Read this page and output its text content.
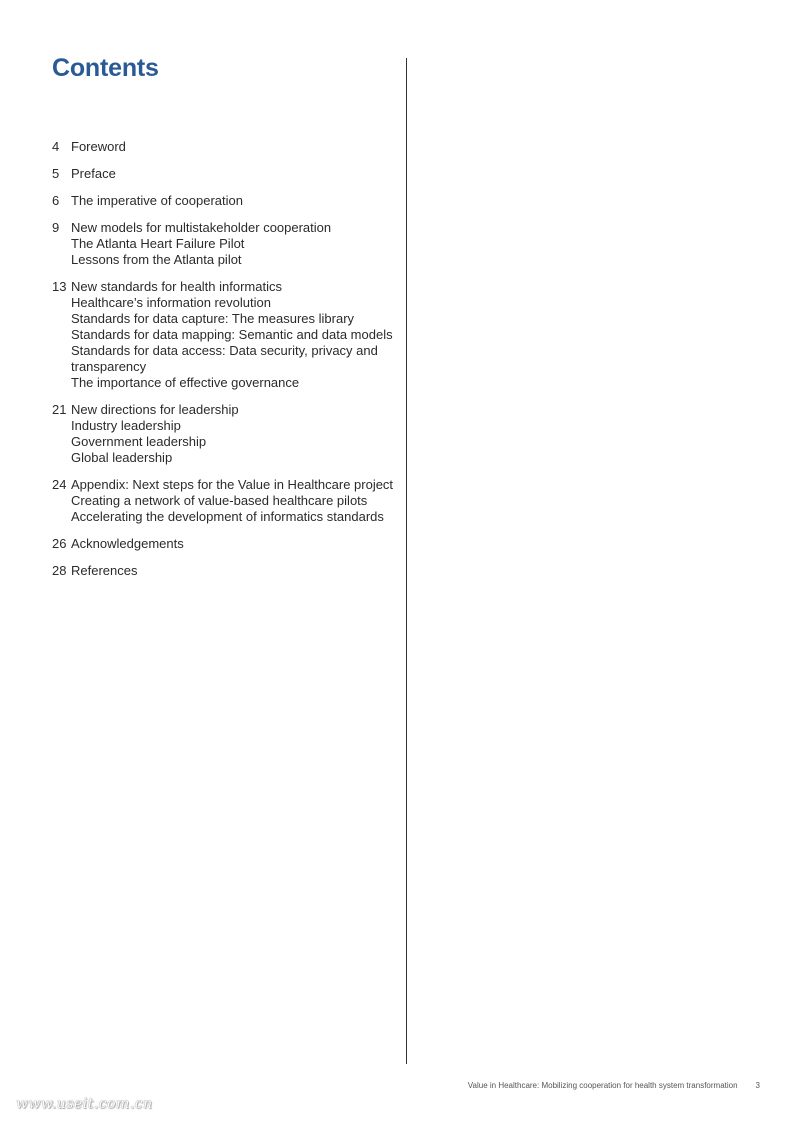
Contents
4 Foreword
5 Preface
6 The imperative of cooperation
9 New models for multistakeholder cooperation
The Atlanta Heart Failure Pilot
Lessons from the Atlanta pilot
13 New standards for health informatics
Healthcare’s information revolution
Standards for data capture: The measures library
Standards for data mapping: Semantic and data models
Standards for data access: Data security, privacy and
transparency
The importance of effective governance
21 New directions for leadership
Industry leadership
Government leadership
Global leadership
24 Appendix: Next steps for the Value in Healthcare project
Creating a network of value-based healthcare pilots
Accelerating the development of informatics standards
26 Acknowledgements
28 References
Value in Healthcare: Mobilizing cooperation for health system transformation 3
www.useit.com.cn
